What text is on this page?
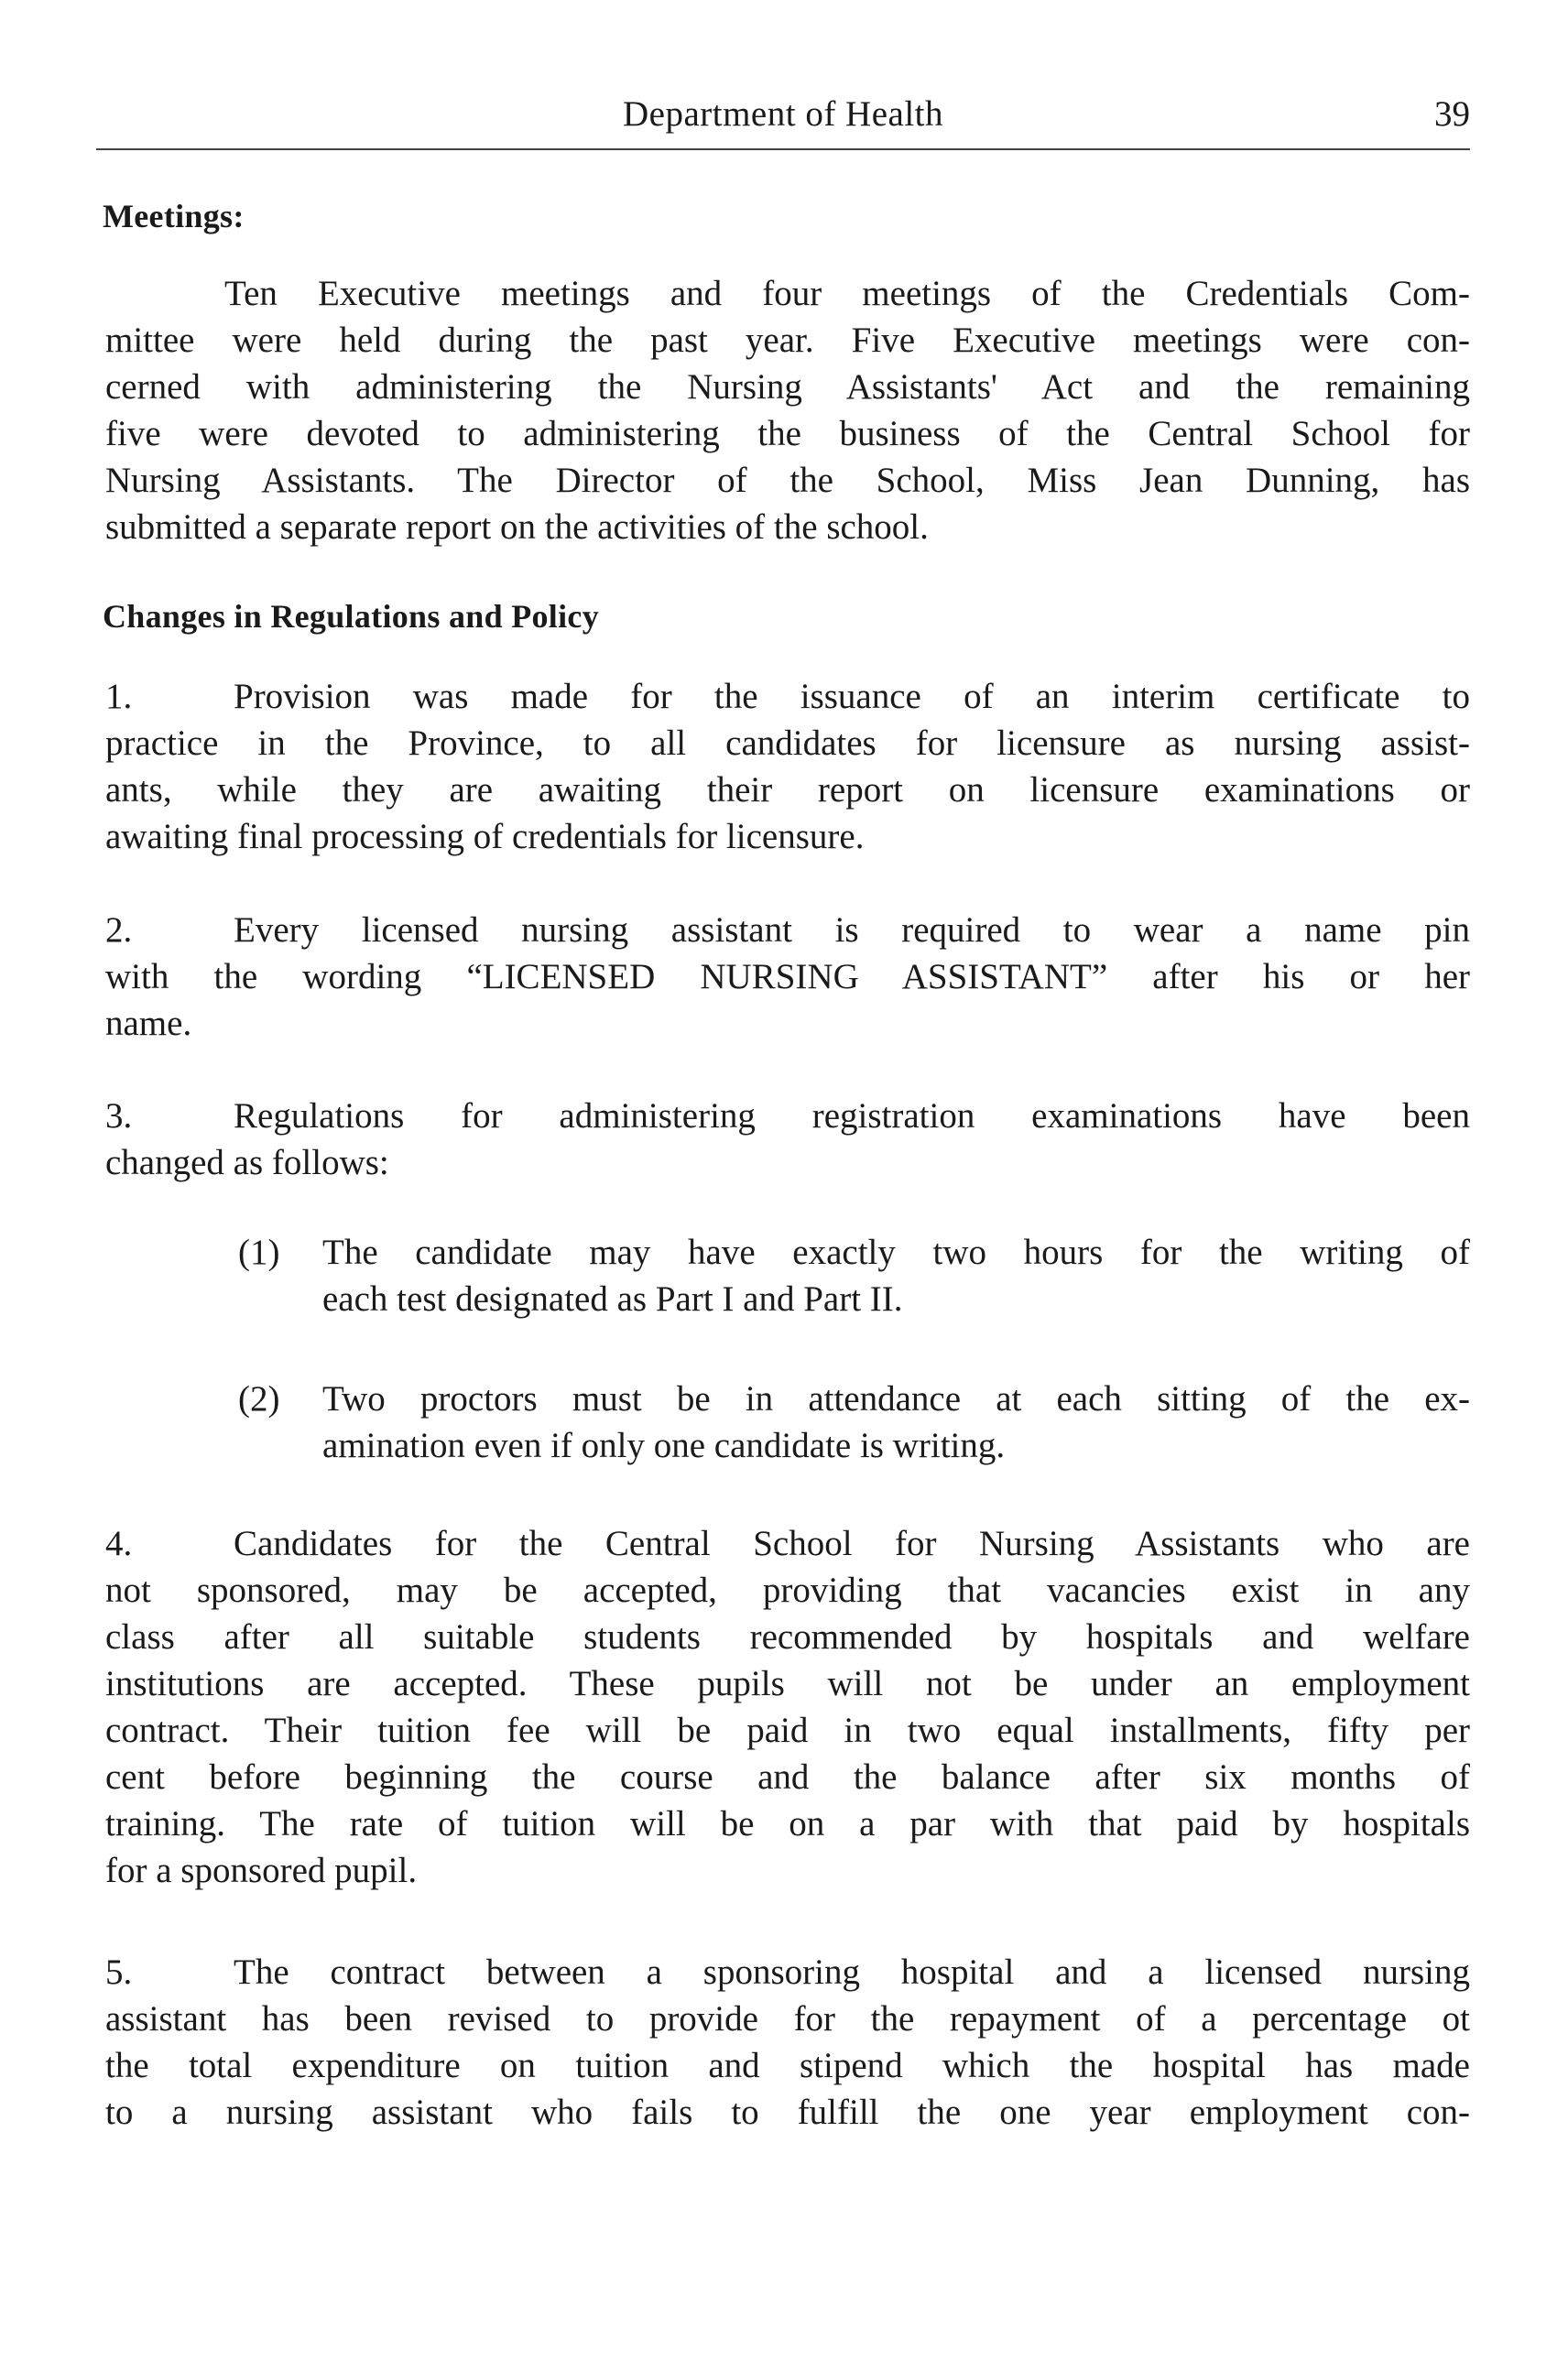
Department of Health	39
Meetings:
Ten Executive meetings and four meetings of the Credentials Com-
mittee were held during the past year. Five Executive meetings were con-
cerned with administering the Nursing Assistants' Act and the remaining
five were devoted to administering the business of the Central School for
Nursing Assistants. The Director of the School, Miss Jean Dunning, has
submitted a separate report on the activities of the school.
Changes in Regulations and Policy
1.	Provision was made for the issuance of an interim certificate to
practice in the Province, to all candidates for licensure as nursing assist-
ants, while they are awaiting their report on licensure examinations or
awaiting final processing of credentials for licensure.
2.	Every licensed nursing assistant is required to wear a name pin
with the wording “LICENSED NURSING ASSISTANT” after his or her
name.
3.	Regulations for administering registration examinations have been
changed as follows:
(1)	The candidate may have exactly two hours for the writing of
each test designated as Part I and Part II.
(2)	Two proctors must be in attendance at each sitting of the ex-
amination even if only one candidate is writing.
4.	Candidates for the Central School for Nursing Assistants who are
not sponsored, may be accepted, providing that vacancies exist in any
class after all suitable students recommended by hospitals and welfare
institutions are accepted. These pupils will not be under an employment
contract. Their tuition fee will be paid in two equal installments, fifty per
cent before beginning the course and the balance after six months of
training. The rate of tuition will be on a par with that paid by hospitals
for a sponsored pupil.
5.	The contract between a sponsoring hospital and a licensed nursing
assistant has been revised to provide for the repayment of a percentage ot
the total expenditure on tuition and stipend which the hospital has made
to a nursing assistant who fails to fulfill the one year employment con-
